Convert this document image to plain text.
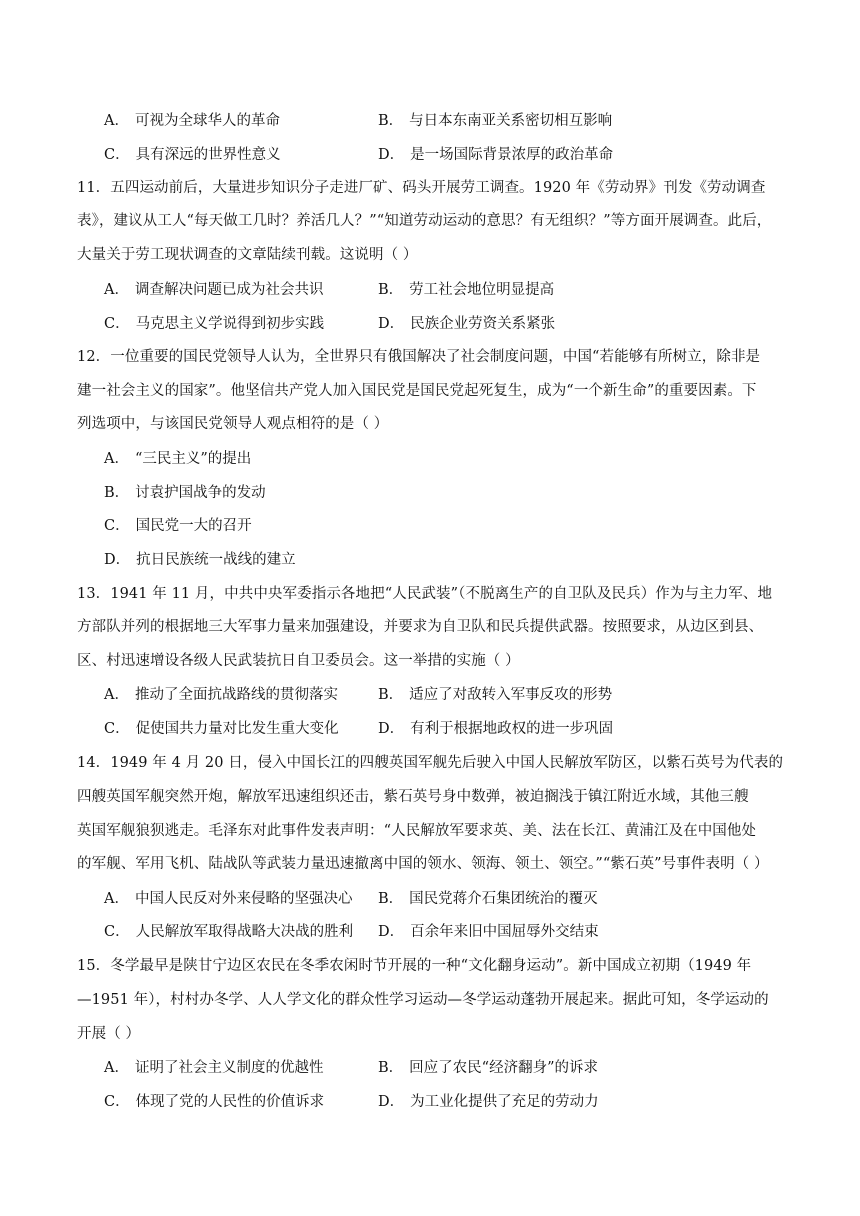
A． 可视为全球华人的革命	B． 与日本东南亚关系密切相互影响
C． 具有深远的世界性意义	D． 是一场国际背景浓厚的政治革命
11．五四运动前后，大量进步知识分子走进厂矿、码头开展劳工调查。1920 年《劳动界》刊发《劳动调查
表》，建议从工人“每天做工几时？养活几人？”“知道劳动运动的意思？有无组织？”等方面开展调查。此后，
大量关于劳工现状调查的文章陆续刊载。这说明（ ）
A． 调查解决问题已成为社会共识	B． 劳工社会地位明显提高
C． 马克思主义学说得到初步实践	D． 民族企业劳资关系紧张
12．一位重要的国民党领导人认为，全世界只有俄国解决了社会制度问题，中国“若能够有所树立，除非是
建一社会主义的国家”。他坚信共产党人加入国民党是国民党起死复生，成为“一个新生命”的重要因素。下
列选项中，与该国民党领导人观点相符的是（ ）
A． “三民主义”的提出
B． 讨袁护国战争的发动
C． 国民党一大的召开
D． 抗日民族统一战线的建立
13．1941 年 11 月，中共中央军委指示各地把“人民武装”（不脱离生产的自卫队及民兵）作为与主力军、地
方部队并列的根据地三大军事力量来加强建设，并要求为自卫队和民兵提供武器。按照要求，从边区到县、
区、村迅速增设各级人民武装抗日自卫委员会。这一举措的实施（ ）
A． 推动了全面抗战路线的贯彻落实	B． 适应了对敌转入军事反攻的形势
C． 促使国共力量对比发生重大变化	D． 有利于根据地政权的进一步巩固
14．1949 年 4 月 20 日，侵入中国长江的四艘英国军舰先后驶入中国人民解放军防区，以紫石英号为代表的
四艘英国军舰突然开炮，解放军迅速组织还击，紫石英号身中数弹，被迫搁浅于镇江附近水域，其他三艘
英国军舰狼狈逃走。毛泽东对此事件发表声明：“人民解放军要求英、美、法在长江、黄浦江及在中国他处
的军舰、军用飞机、陆战队等武装力量迅速撤离中国的领水、领海、领土、领空。”“紫石英”号事件表明（ ）
A． 中国人民反对外来侵略的坚强决心 B． 国民党蒋介石集团统治的覆灭
C． 人民解放军取得战略大决战的胜利 D． 百余年来旧中国屈辱外交结束
15．冬学最早是陕甘宁边区农民在冬季农闲时节开展的一种“文化翻身运动”。新中国成立初期（1949 年
—1951 年），村村办冬学、人人学文化的群众性学习运动—冬学运动蓬勃开展起来。据此可知，冬学运动的
开展（ ）
A． 证明了社会主义制度的优越性	B． 回应了农民“经济翻身”的诉求
C． 体现了党的人民性的价值诉求	D． 为工业化提供了充足的劳动力
